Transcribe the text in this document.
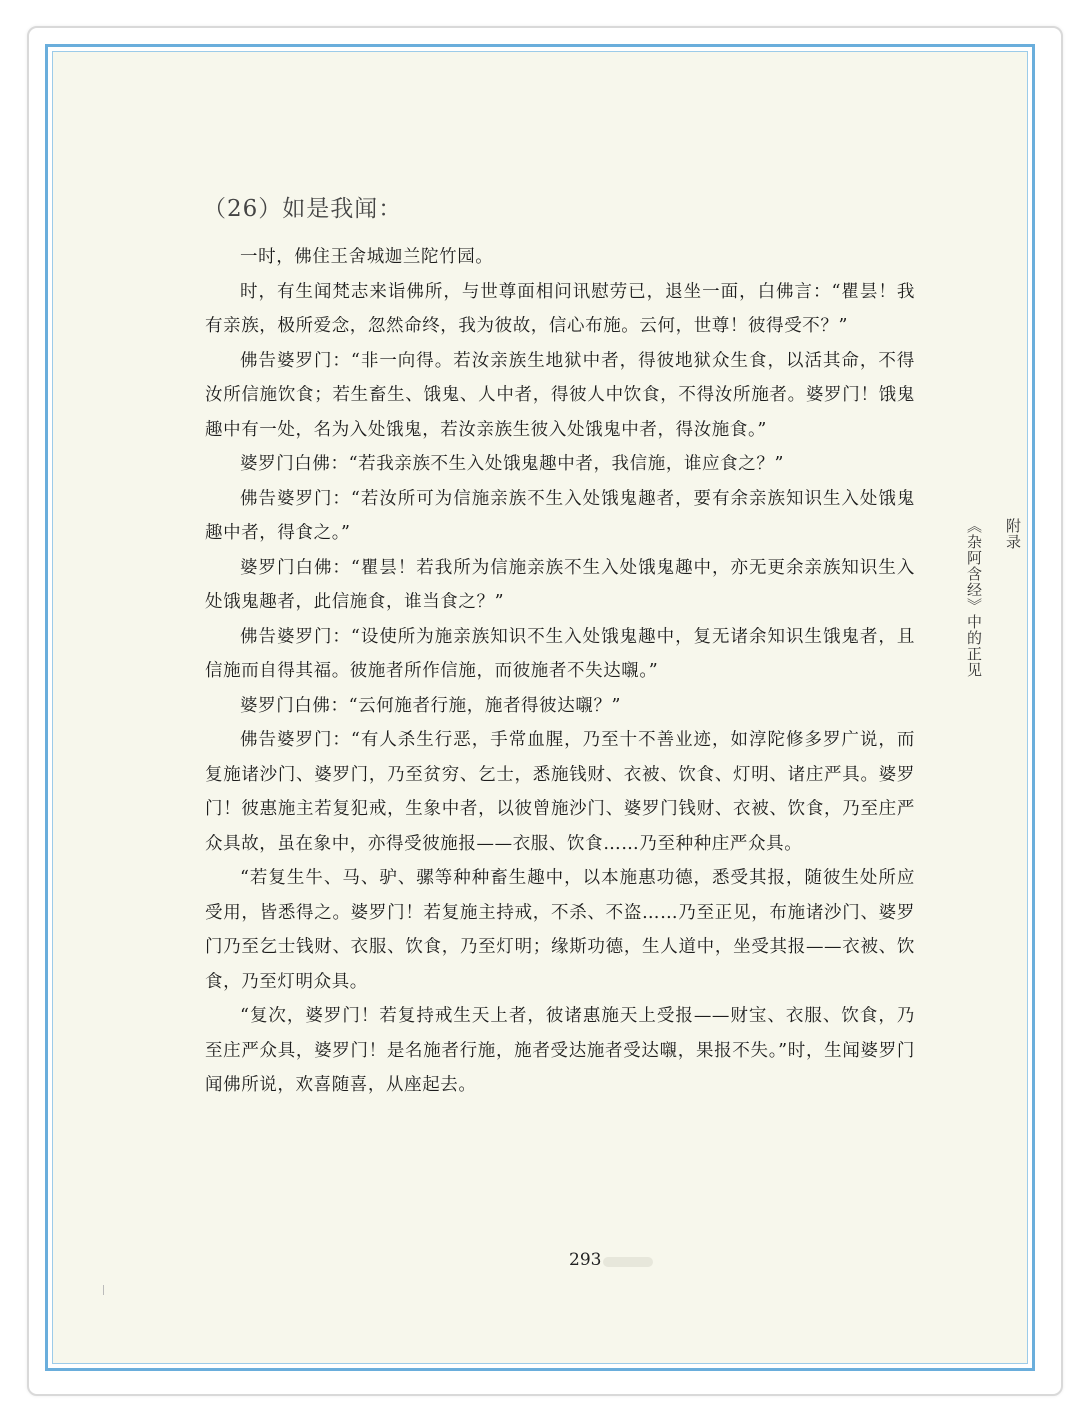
（26）如是我闻：

一时，佛住王舍城迦兰陀竹园。

时，有生闻梵志来诣佛所，与世尊面相问讯慰劳已，退坐一面，白佛言：“瞿昙！我有亲族，极所爱念，忽然命终，我为彼故，信心布施。云何，世尊！彼得受不？”

佛告婆罗门：“非一向得。若汝亲族生地狱中者，得彼地狱众生食，以活其命，不得汝所信施饮食；若生畜生、饿鬼、人中者，得彼人中饮食，不得汝所施者。婆罗门！饿鬼趣中有一处，名为入处饿鬼，若汝亲族生彼入处饿鬼中者，得汝施食。”

婆罗门白佛：“若我亲族不生入处饿鬼趣中者，我信施，谁应食之？”

佛告婆罗门：“若汝所可为信施亲族不生入处饿鬼趣者，要有余亲族知识生入处饿鬼趣中者，得食之。”

婆罗门白佛：“瞿昙！若我所为信施亲族不生入处饿鬼趣中，亦无更余亲族知识生入处饿鬼趣者，此信施食，谁当食之？”

佛告婆罗门：“设使所为施亲族知识不生入处饿鬼趣中，复无诸余知识生饿鬼者，且信施而自得其福。彼施者所作信施，而彼施者不失达嚫。”

婆罗门白佛：“云何施者行施，施者得彼达嚫？”

佛告婆罗门：“有人杀生行恶，手常血腥，乃至十不善业迹，如淳陀修多罗广说，而复施诸沙门、婆罗门，乃至贫穷、乞士，悉施钱财、衣被、饮食、灯明、诸庄严具。婆罗门！彼惠施主若复犯戒，生象中者，以彼曾施沙门、婆罗门钱财、衣被、饮食，乃至庄严众具故，虽在象中，亦得受彼施报——衣服、饮食……乃至种种庄严众具。

“若复生牛、马、驴、骡等种种畜生趣中，以本施惠功德，悉受其报，随彼生处所应受用，皆悉得之。婆罗门！若复施主持戒，不杀、不盗……乃至正见，布施诸沙门、婆罗门乃至乞士钱财、衣服、饮食，乃至灯明；缘斯功德，生人道中，坐受其报——衣被、饮食，乃至灯明众具。

“复次，婆罗门！若复持戒生天上者，彼诸惠施天上受报——财宝、衣服、饮食，乃至庄严众具，婆罗门！是名施者行施，施者受达施者受达嚫，果报不失。”时，生闻婆罗门闻佛所说，欢喜随喜，从座起去。

附录
《杂阿含经》中的正见
293
